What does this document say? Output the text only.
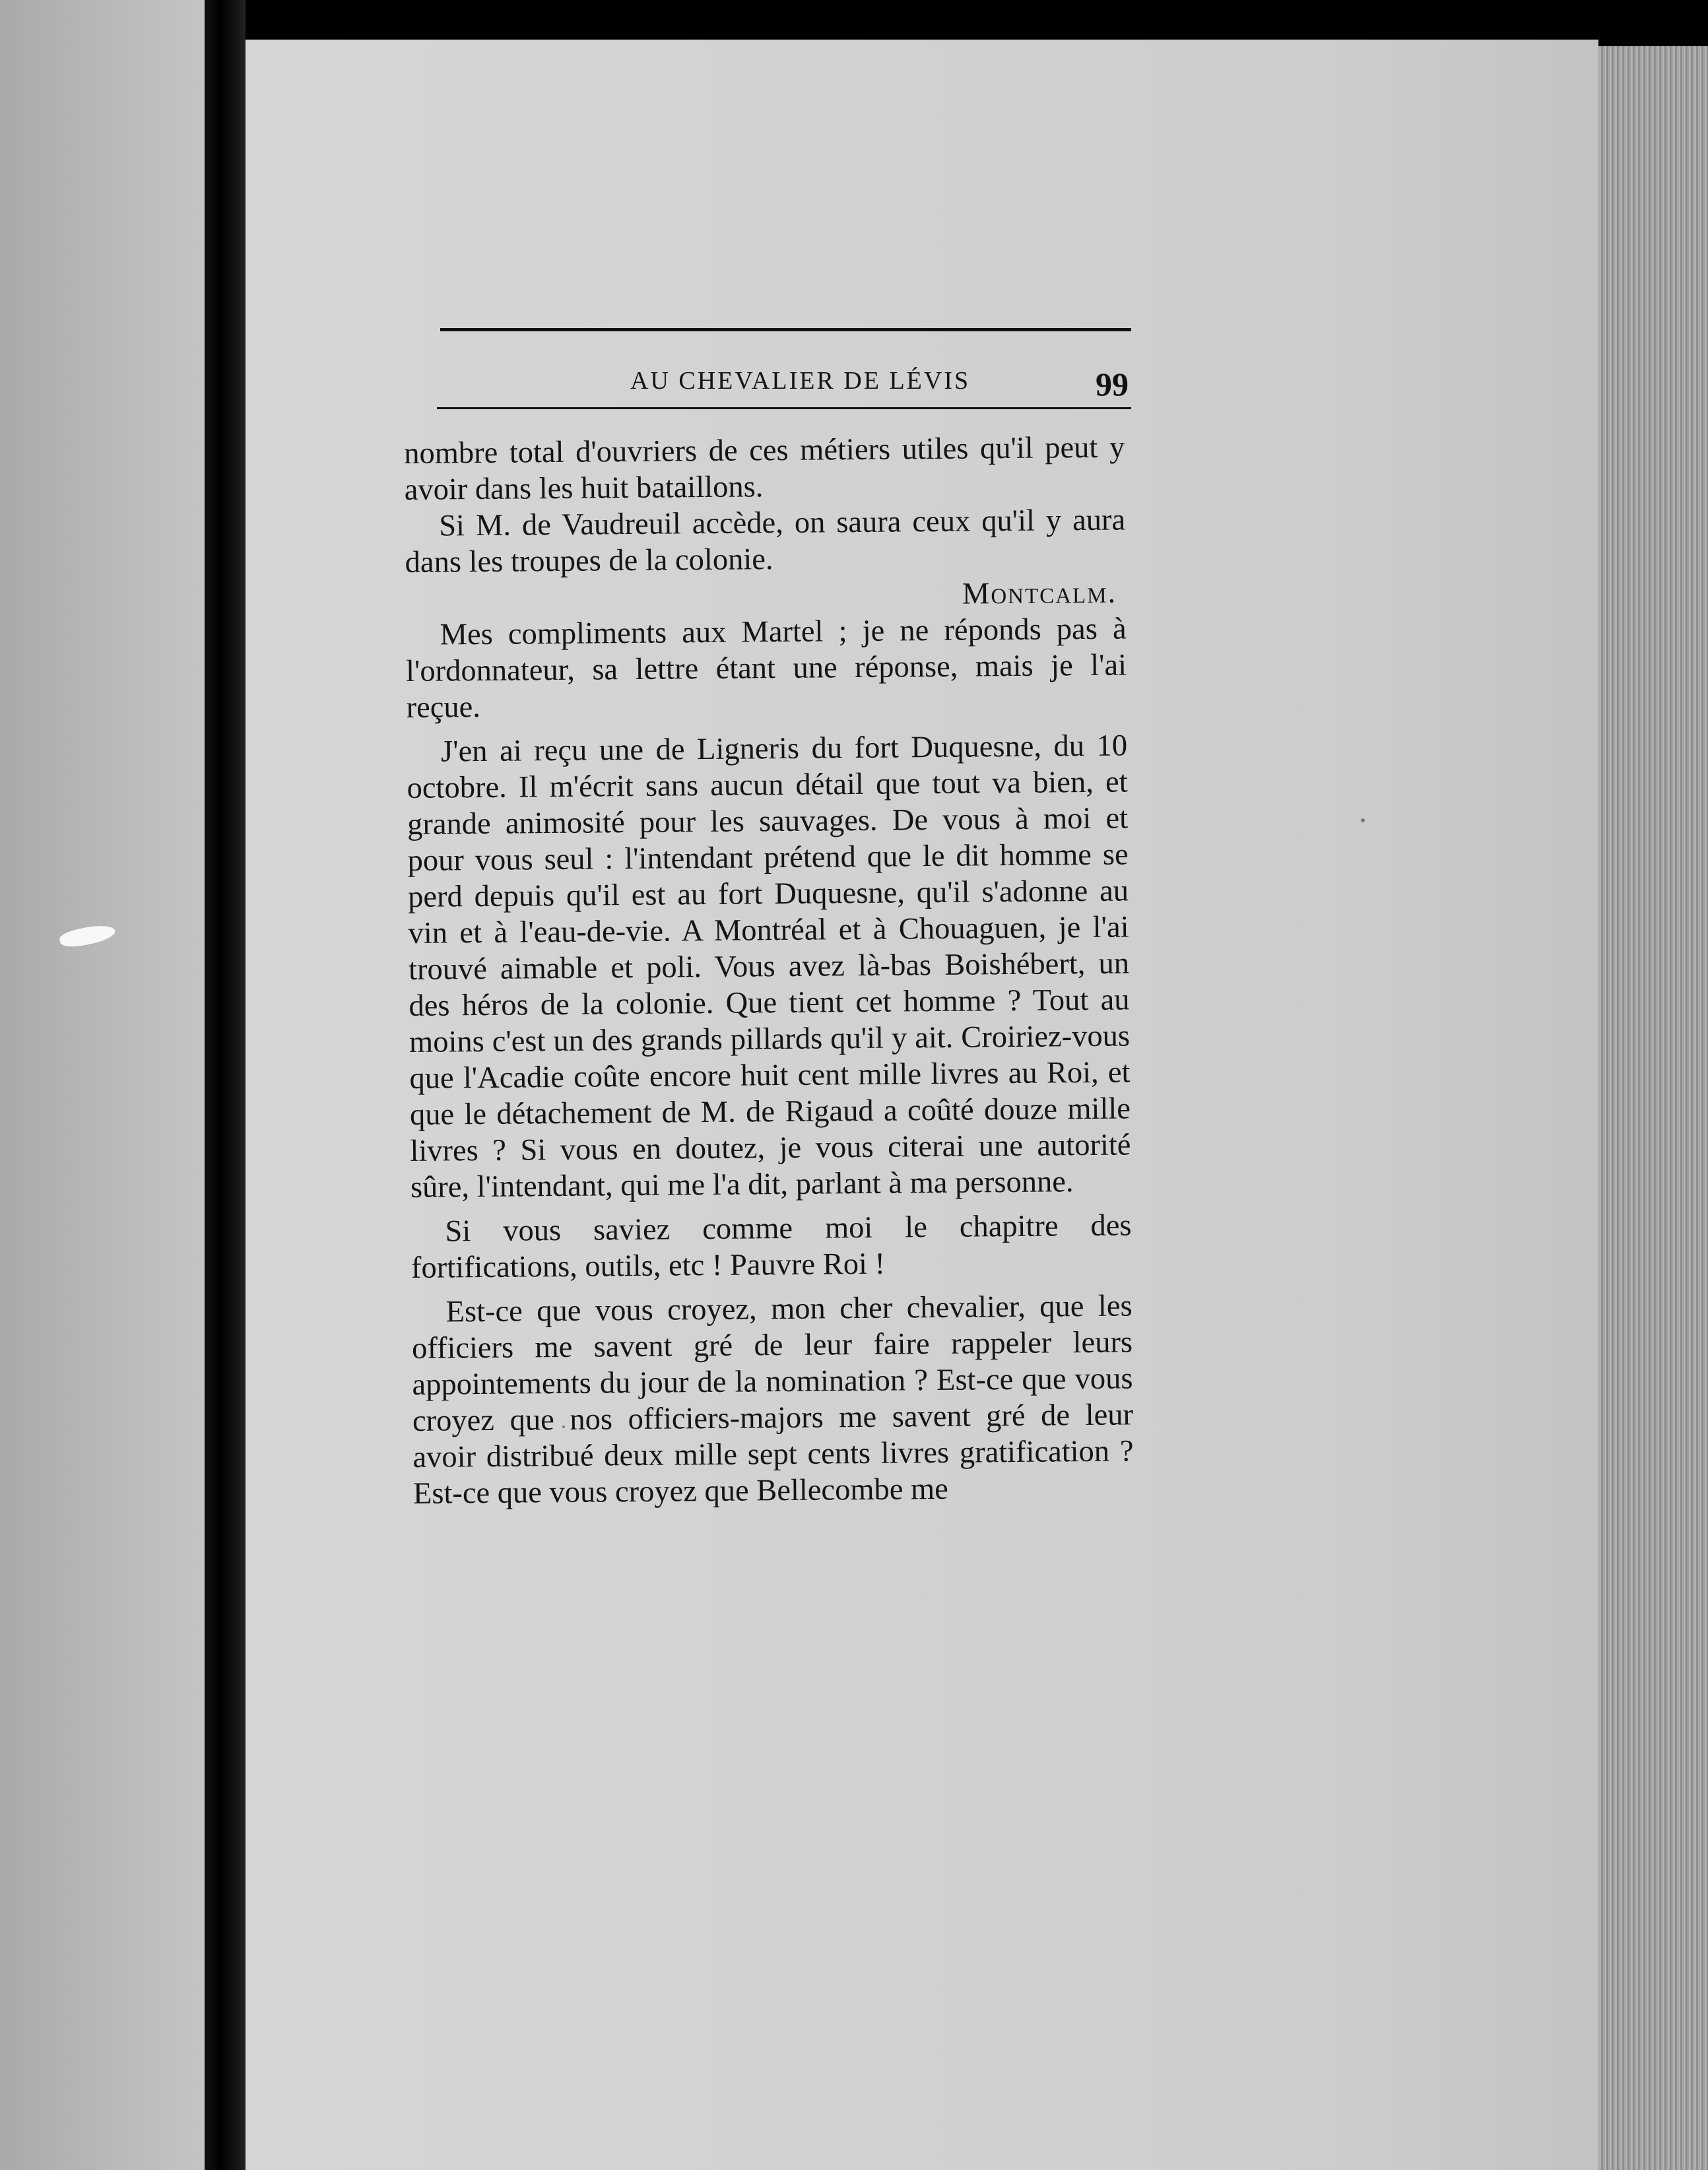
AU CHEVALIER DE LÉVIS	99

nombre total d'ouvriers de ces métiers utiles qu'il peut y avoir dans les huit bataillons.

Si M. de Vaudreuil accède, on saura ceux qu'il y aura dans les troupes de la colonie.

Montcalm.

Mes compliments aux Martel ; je ne réponds pas à l'ordonnateur, sa lettre étant une réponse, mais je l'ai reçue.

J'en ai reçu une de Ligneris du fort Duquesne, du 10 octobre. Il m'écrit sans aucun détail que tout va bien, et grande animosité pour les sauvages. De vous à moi et pour vous seul : l'intendant prétend que le dit homme se perd depuis qu'il est au fort Duquesne, qu'il s'adonne au vin et à l'eau-de-vie. A Montréal et à Chouaguen, je l'ai trouvé aimable et poli. Vous avez là-bas Boishébert, un des héros de la colonie. Que tient cet homme ? Tout au moins c'est un des grands pillards qu'il y ait. Croiriez-vous que l'Acadie coûte encore huit cent mille livres au Roi, et que le détachement de M. de Rigaud a coûté douze mille livres ? Si vous en doutez, je vous citerai une autorité sûre, l'intendant, qui me l'a dit, parlant à ma personne.

Si vous saviez comme moi le chapitre des fortifications, outils, etc ! Pauvre Roi !

Est-ce que vous croyez, mon cher chevalier, que les officiers me savent gré de leur faire rappeler leurs appointements du jour de la nomination ? Est-ce que vous croyez que nos officiers-majors me savent gré de leur avoir distribué deux mille sept cents livres gratification ? Est-ce que vous croyez que Bellecombe me
